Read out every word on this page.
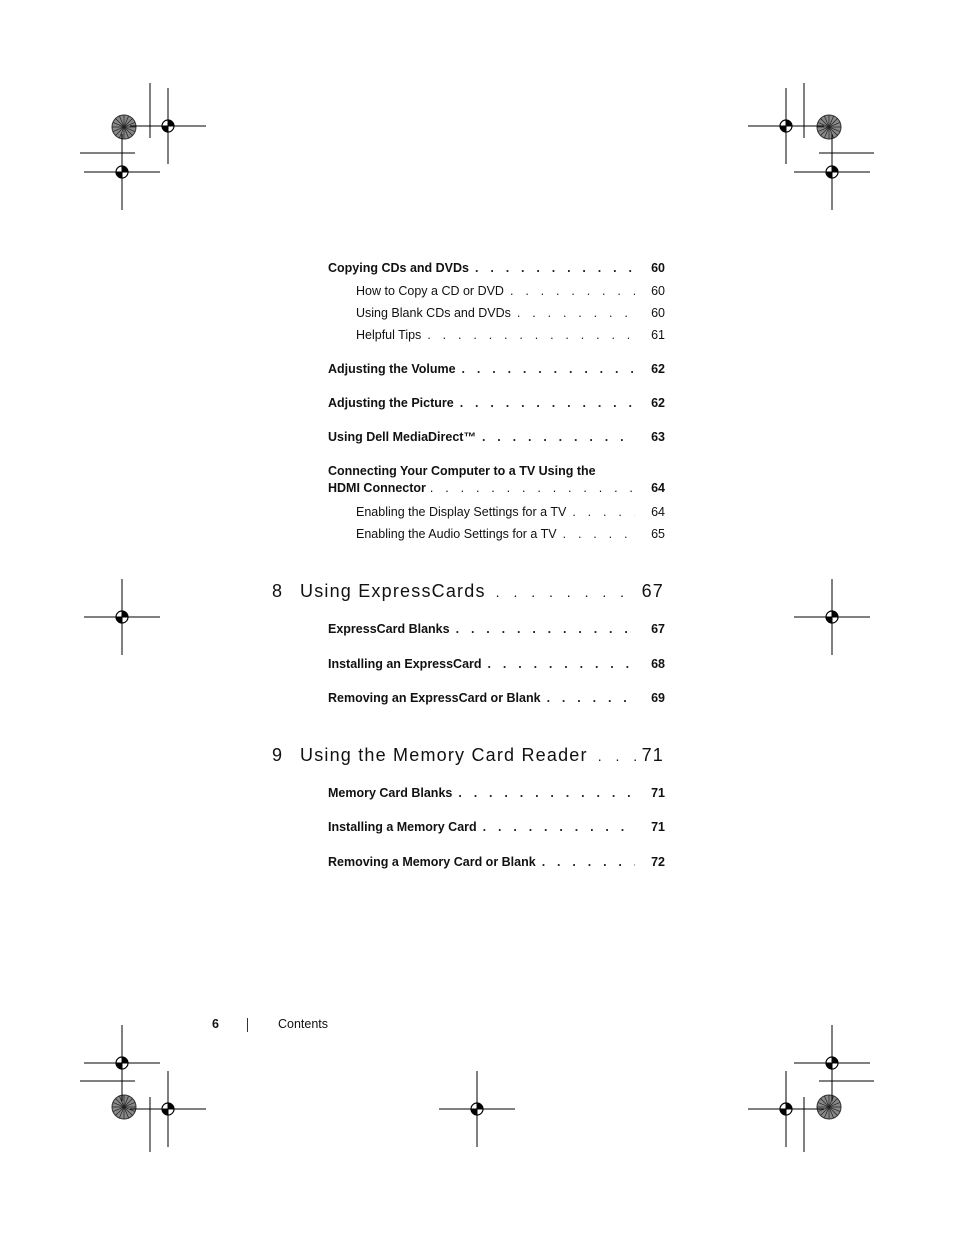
Copying CDs and DVDs . . .	60
How to Copy a CD or DVD . . .	60
Using Blank CDs and DVDs . . .	60
Helpful Tips . . .	61
Adjusting the Volume . . .	62
Adjusting the Picture . . .	62
Using Dell MediaDirect™ . . .	63
Connecting Your Computer to a TV Using the
HDMI Connector . . .	64
Enabling the Display Settings for a TV . . .	64
Enabling the Audio Settings for a TV . . .	65
8 Using ExpressCards . . .	67
ExpressCard Blanks . . .	67
Installing an ExpressCard . . .	68
Removing an ExpressCard or Blank . . .	69
9 Using the Memory Card Reader . . .	71
Memory Card Blanks . . .	71
Installing a Memory Card . . .	71
Removing a Memory Card or Blank . . .	72
6	Contents
